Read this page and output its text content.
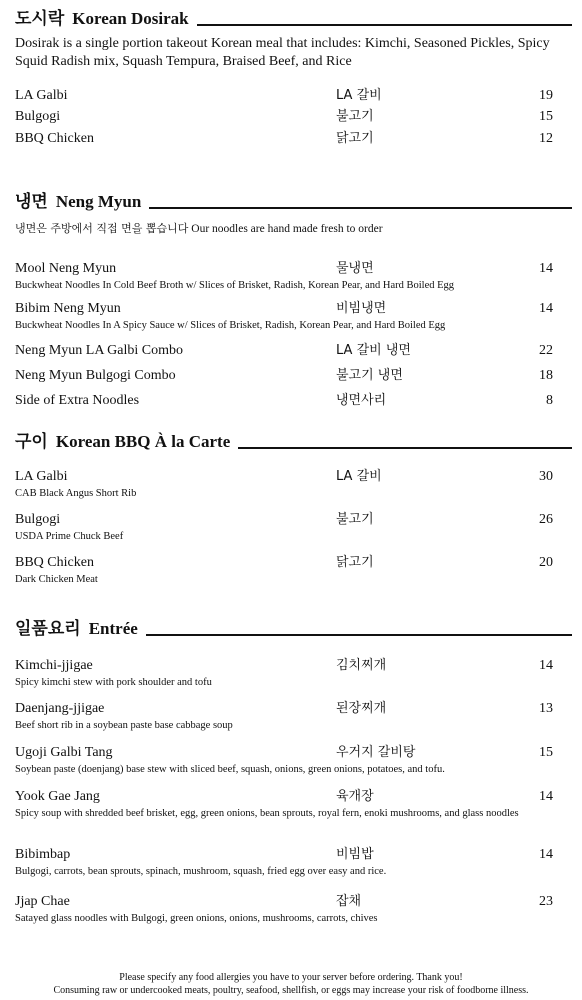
도시락 Korean Dosirak
Dosirak is a single portion takeout Korean meal that includes: Kimchi, Seasoned Pickles, Spicy Squid Radish mix, Squash Tempura, Braised Beef, and Rice
LA Galbi	LA 갈비	19
Bulgogi	불고기	15
BBQ Chicken	닭고기	12
냉면 Neng Myun
냉면은 주방에서 직접 면을 뽑습니다 Our noodles are hand made fresh to order
Mool Neng Myun	물냉면	14
Buckwheat Noodles In Cold Beef Broth w/ Slices of Brisket, Radish, Korean Pear, and Hard Boiled Egg
Bibim Neng Myun	비빔냉면	14
Buckwheat Noodles In A Spicy Sauce w/ Slices of Brisket, Radish, Korean Pear, and Hard Boiled Egg
Neng Myun LA Galbi Combo	LA 갈비 냉면	22
Neng Myun Bulgogi Combo	불고기 냉면	18
Side of Extra Noodles	냉면사리	8
구이 Korean BBQ À la Carte
LA Galbi	LA 갈비	30
CAB Black Angus Short Rib
Bulgogi	불고기	26
USDA Prime Chuck Beef
BBQ Chicken	닭고기	20
Dark Chicken Meat
일품요리 Entrée
Kimchi-jjigae	김치찌개	14
Spicy kimchi stew with pork shoulder and tofu
Daenjang-jjigae	된장찌개	13
Beef short rib in a soybean paste base cabbage soup
Ugoji Galbi Tang	우거지 갈비탕	15
Soybean paste (doenjang) base stew with sliced beef, squash, onions, green onions, potatoes, and tofu.
Yook Gae Jang	육개장	14
Spicy soup with shredded beef brisket, egg, green onions, bean sprouts, royal fern, enoki mushrooms, and glass noodles
Bibimbap	비빔밥	14
Bulgogi, carrots, bean sprouts, spinach, mushroom, squash, fried egg over easy and rice.
Jjap Chae	잡채	23
Satayed glass noodles with Bulgogi, green onions, onions, mushrooms, carrots, chives
Please specify any food allergies you have to your server before ordering. Thank you!
Consuming raw or undercooked meats, poultry, seafood, shellfish, or eggs may increase your risk of foodborne illness.
